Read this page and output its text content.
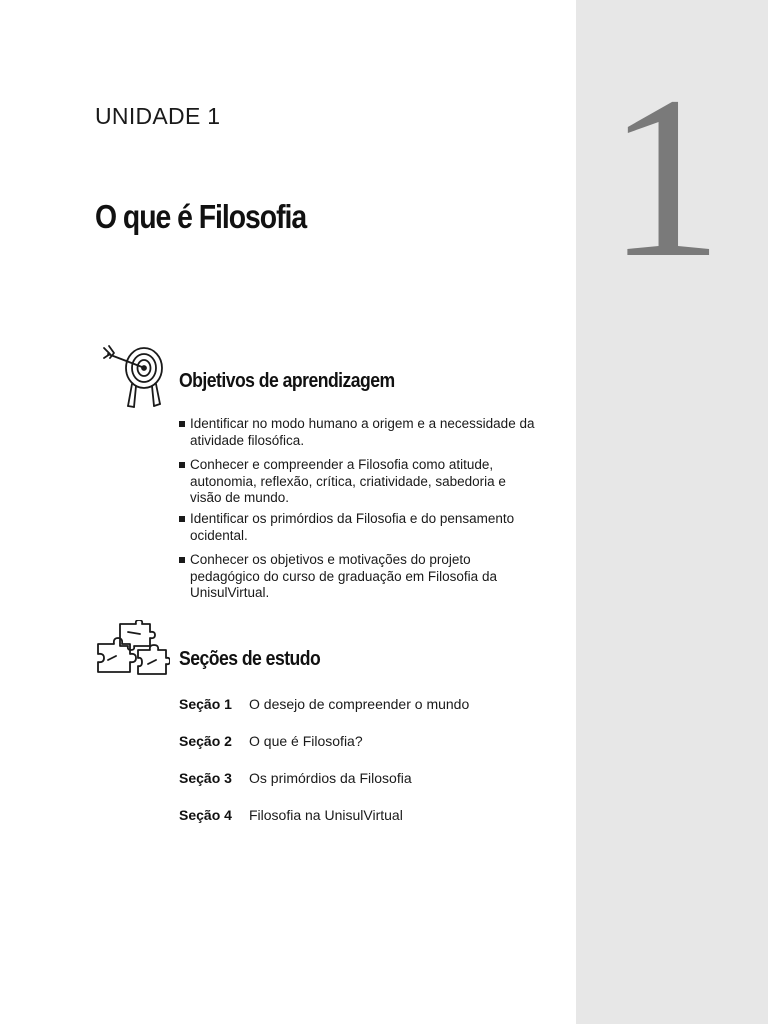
1
UNIDADE 1
O que é Filosofia
Objetivos de aprendizagem
Identificar no modo humano a origem e a necessidade da atividade filosófica.
Conhecer e compreender a Filosofia como atitude, autonomia, reflexão, crítica, criatividade, sabedoria e visão de mundo.
Identificar os primórdios da Filosofia e do pensamento ocidental.
Conhecer os objetivos e motivações do projeto pedagógico do curso de graduação em Filosofia da UnisulVirtual.
Seções de estudo
Seção 1 O desejo de compreender o mundo
Seção 2 O que é Filosofia?
Seção 3 Os primórdios da Filosofia
Seção 4 Filosofia na UnisulVirtual
